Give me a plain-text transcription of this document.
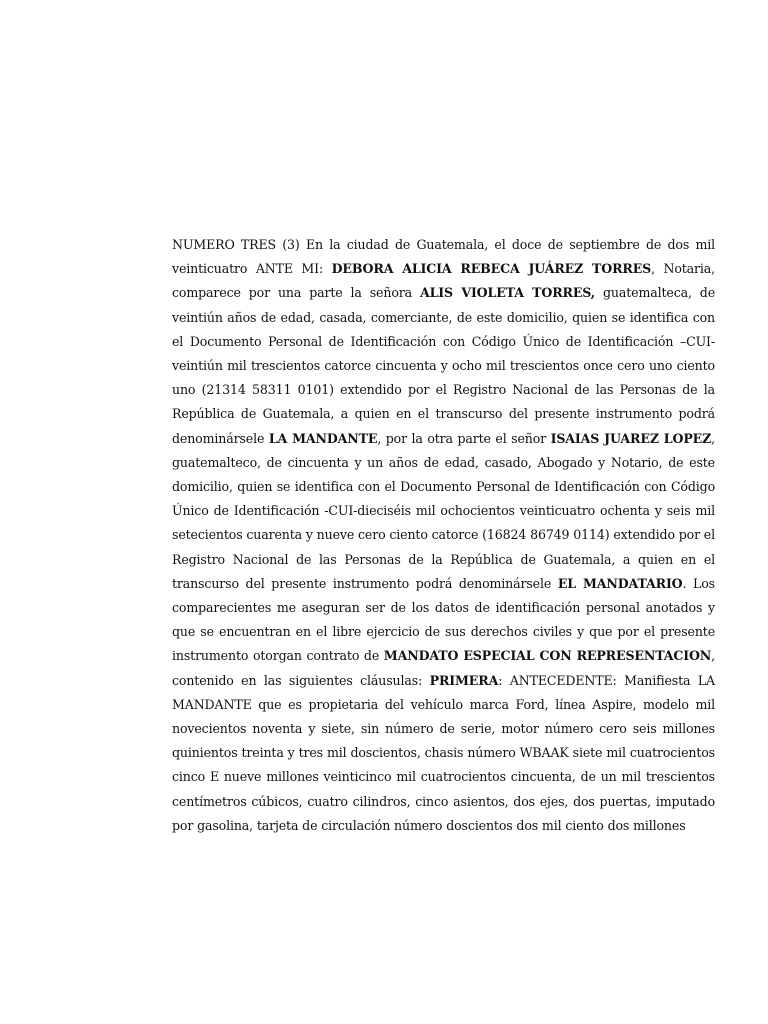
NUMERO TRES (3) En la ciudad de Guatemala, el doce de septiembre de dos mil veinticuatro ANTE MI: DEBORA ALICIA REBECA JUÁREZ TORRES, Notaria, comparece por una parte la señora ALIS VIOLETA TORRES, guatemalteca, de veintiún años de edad, casada, comerciante, de este domicilio, quien se identifica con el Documento Personal de Identificación con Código Único de Identificación –CUI-veintiún mil trescientos catorce cincuenta y ocho mil trescientos once cero uno ciento uno (21314 58311 0101) extendido por el Registro Nacional de las Personas de la República de Guatemala, a quien en el transcurso del presente instrumento podrá denominársele LA MANDANTE, por la otra parte el señor ISAIAS JUAREZ LOPEZ, guatemalteco, de cincuenta y un años de edad, casado, Abogado y Notario, de este domicilio, quien se identifica con el Documento Personal de Identificación con Código Único de Identificación -CUI-dieciséis mil ochocientos veinticuatro ochenta y seis mil setecientos cuarenta y nueve cero ciento catorce (16824 86749 0114) extendido por el Registro Nacional de las Personas de la República de Guatemala, a quien en el transcurso del presente instrumento podrá denominársele EL MANDATARIO. Los comparecientes me aseguran ser de los datos de identificación personal anotados y que se encuentran en el libre ejercicio de sus derechos civiles y que por el presente instrumento otorgan contrato de MANDATO ESPECIAL CON REPRESENTACION, contenido en las siguientes cláusulas: PRIMERA: ANTECEDENTE: Manifiesta LA MANDANTE que es propietaria del vehículo marca Ford, línea Aspire, modelo mil novecientos noventa y siete, sin número de serie, motor número cero seis millones quinientos treinta y tres mil doscientos, chasis número WBAAK siete mil cuatrocientos cinco E nueve millones veinticinco mil cuatrocientos cincuenta, de un mil trescientos centímetros cúbicos, cuatro cilindros, cinco asientos, dos ejes, dos puertas, imputado por gasolina, tarjeta de circulación número doscientos dos mil ciento dos millones
